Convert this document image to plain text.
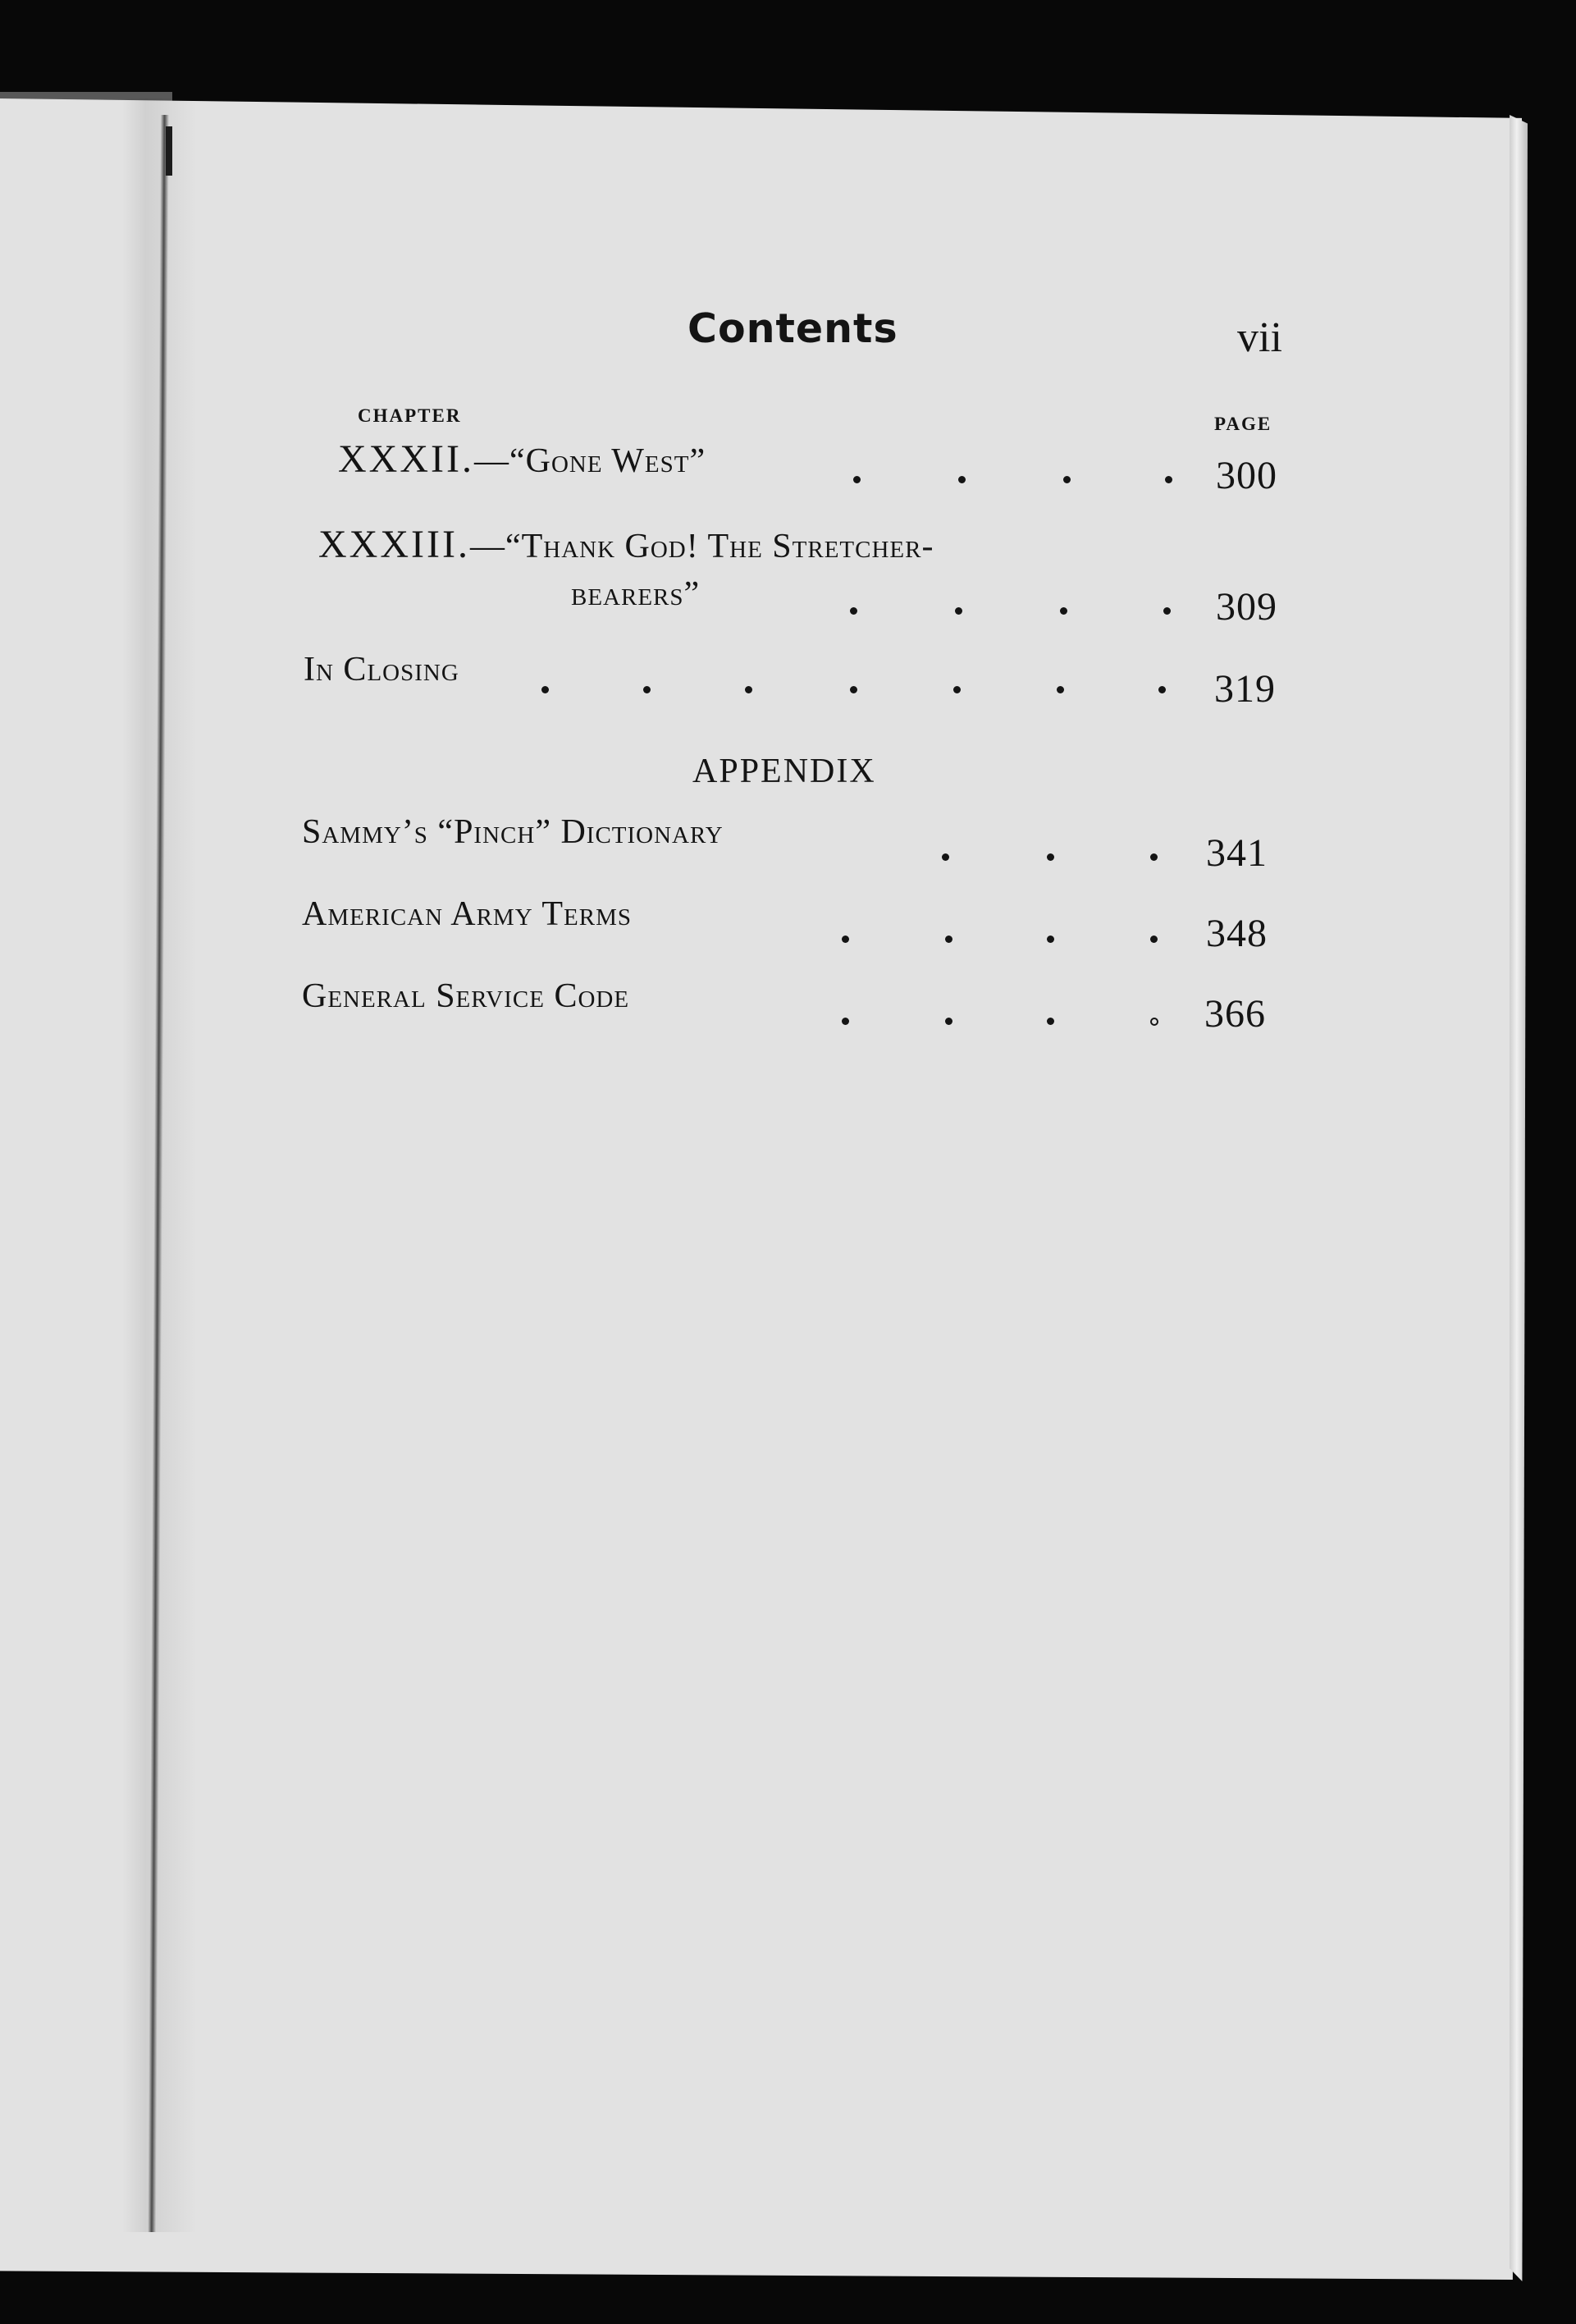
Contents	vii
CHAPTER	PAGE
XXXII.—“Gone West”	300
XXXIII.—“Thank God! The Stretcher-
bearers”	309
In Closing	319
APPENDIX
Sammy’s “Pinch” Dictionary	341
American Army Terms	348
General Service Code	366
